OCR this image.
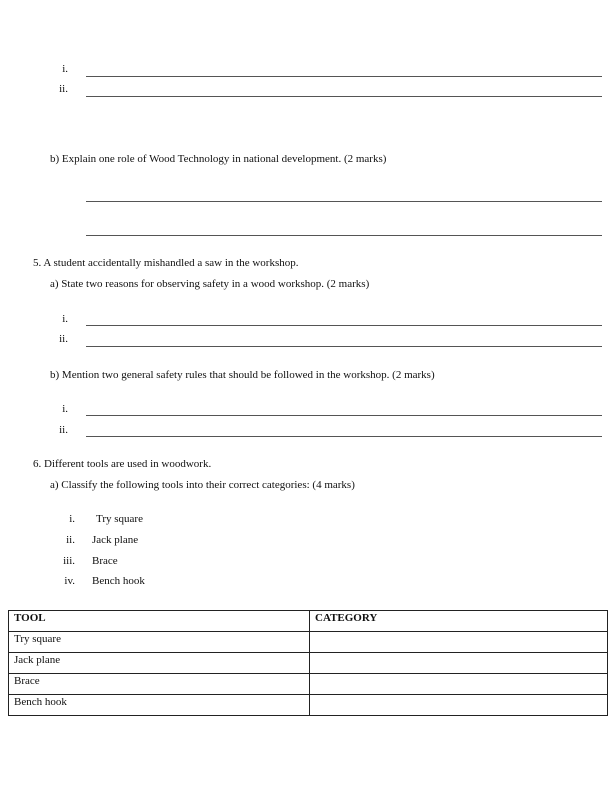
i.
ii.
b) Explain one role of Wood Technology in national development. (2 marks)
5. A student accidentally mishandled a saw in the workshop.
a) State two reasons for observing safety in a wood workshop. (2 marks)
i.
ii.
b) Mention two general safety rules that should be followed in the workshop. (2 marks)
i.
ii.
6. Different tools are used in woodwork.
a) Classify the following tools into their correct categories: (4 marks)
i. Try square
ii. Jack plane
iii. Brace
iv. Bench hook
TOOL	CATEGORY
Try square	
Jack plane	
Brace	
Bench hook	
